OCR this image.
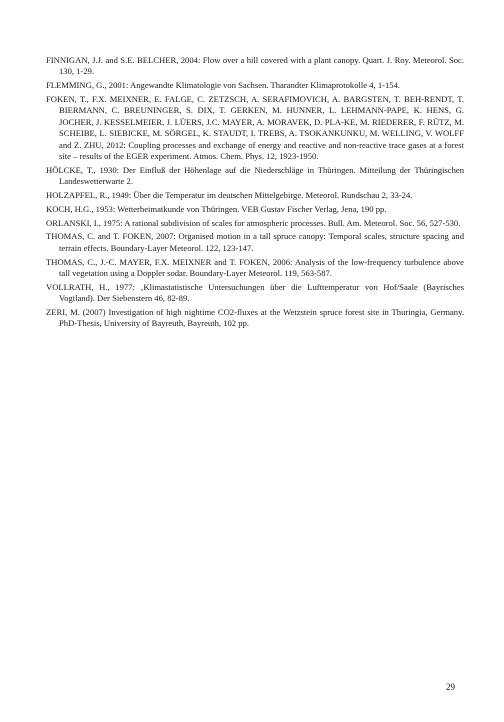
FINNIGAN, J.J. and S.E. BELCHER, 2004: Flow over a hill covered with a plant canopy. Quart. J. Roy. Meteorol. Soc. 130, 1-29.

FLEMMING, G., 2001: Angewandte Klimatologie von Sachsen. Tharandter Klimaprotokolle 4, 1-154.

FOKEN, T., F.X. MEIXNER, E. FALGE, C. ZETZSCH, A. SERAFIMOVICH, A. BARGSTEN, T. BEH-RENDT, T. BIERMANN, C. BREUNINGER, S. DIX, T. GERKEN, M. HUNNER, L. LEHMANN-PAPE, K. HENS, G. JOCHER, J. KESSELMEIER, J. LÜERS, J.C. MAYER, A. MORAVEK, D. PLA-KE, M. RIEDERER, F. RÜTZ, M. SCHEIBE, L. SIEBICKE, M. SÖRGEL, K. STAUDT, I. TREBS, A. TSOKANKUNKU, M. WELLING, V. WOLFF and Z. ZHU, 2012: Coupling processes and exchange of energy and reactive and non-reactive trace gases at a forest site – results of the EGER experiment. Atmos. Chem. Phys. 12, 1923-1950.

HÖLCKE, T., 1930: Der Einfluß der Höhenlage auf die Niederschläge in Thüringen. Mitteilung der Thüringischen Landeswetterwarte 2.

HOLZAPFEL, R., 1949: Über die Temperatur im deutschen Mittelgebirge. Meteorol. Rundschau 2, 33-24.

KOCH, H.G., 1953: Wetterheimatkunde von Thüringen. VEB Gustav Fischer Verlag, Jena, 190 pp.

ORLANSKI, I., 1975: A rational subdivision of scales for atmospheric processes. Bull. Am. Meteorol. Soc. 56, 527-530.

THOMAS, C. and T. FOKEN, 2007: Organised motion in a tall spruce canopy: Temporal scales, structure spacing and terrain effects. Boundary-Layer Meteorol. 122, 123-147.

THOMAS, C., J.-C. MAYER, F.X. MEIXNER and T. FOKEN, 2006: Analysis of the low-frequency turbulence above tall vegetation using a Doppler sodar. Boundary-Layer Meteorol. 119, 563-587.

VOLLRATH, H., 1977: ‚Klimastatistische Untersuchungen über die Lufttemperatur von Hof/Saale (Bayrisches Vogtland). Der Siebenstern 46, 82-89.

ZERI, M. (2007) Investigation of high nightime CO2-fluxes at the Wetzstein spruce forest site in Thuringia, Germany. PhD-Thesis, University of Bayreuth, Bayreuth, 102 pp.

29
